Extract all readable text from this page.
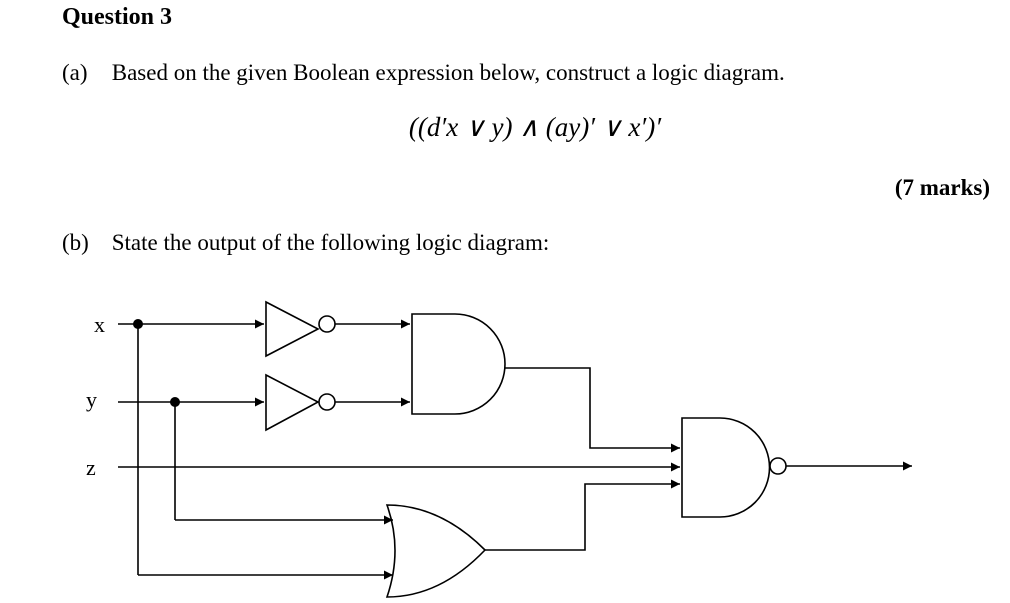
Question 3
(a) Based on the given Boolean expression below, construct a logic diagram.
((d′x ∨ y) ∧ (ay)′ ∨ x′)′
(7 marks)
(b) State the output of the following logic diagram:
x
y
z
